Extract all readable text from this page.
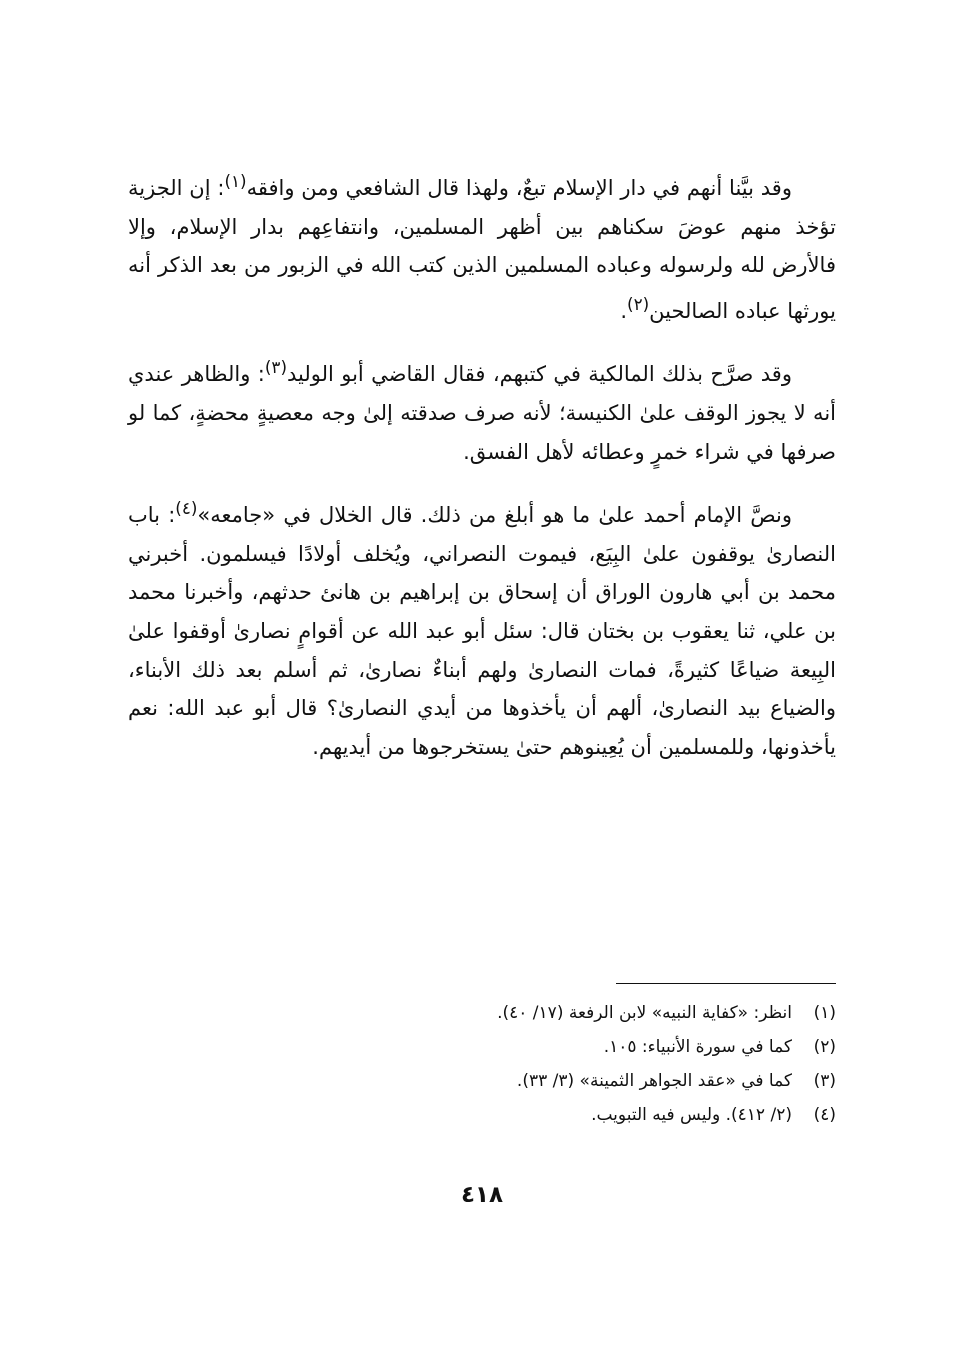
وقد بيَّنا أنهم في دار الإسلام تبعٌ، ولهذا قال الشافعي ومن وافقه$^{(١)}$: إن الجزية تؤخذ منهم عوضَ سكناهم بين أظهر المسلمين، وانتفاعِهم بدار الإسلام، وإلا فالأرض لله ولرسوله وعباده المسلمين الذين كتب الله في الزبور من بعد الذكر أنه يورثها عباده الصالحين$^{(٢)}$.

وقد صرَّح بذلك المالكية في كتبهم، فقال القاضي أبو الوليد$^{(٣)}$: والظاهر عندي أنه لا يجوز الوقف علىٰ الكنيسة؛ لأنه صرف صدقته إلىٰ وجه معصيةٍ محضةٍ، كما لو صرفها في شراء خمرٍ وعطائه لأهل الفسق.

ونصَّ الإمام أحمد علىٰ ما هو أبلغ من ذلك. قال الخلال في «جامعه»$^{(٤)}$: باب النصارىٰ يوقفون علىٰ البِيَع، فيموت النصراني، ويُخلف أولادًا فيسلمون. أخبرني محمد بن أبي هارون الوراق أن إسحاق بن إبراهيم بن هانئ حدثهم، وأخبرنا محمد بن علي، ثنا يعقوب بن بختان قال: سئل أبو عبد الله عن أقوامٍ نصارىٰ أوقفوا علىٰ البِيعة ضياعًا كثيرةً، فمات النصارىٰ ولهم أبناءٌ نصارىٰ، ثم أسلم بعد ذلك الأبناء، والضياع بيد النصارىٰ، ألهم أن يأخذوها من أيدي النصارىٰ؟ قال أبو عبد الله: نعم يأخذونها، وللمسلمين أن يُعِينوهم حتىٰ يستخرجوها من أيديهم.

(١)
انظر: «كفاية النبيه» لابن الرفعة (١٧/ ٤٠).
(٢)
كما في سورة الأنبياء: ١٠٥.
(٣)
كما في «عقد الجواهر الثمينة» (٣/ ٣٣).
(٤)
(٢/ ٤١٢). وليس فيه التبويب.
٤١٨
